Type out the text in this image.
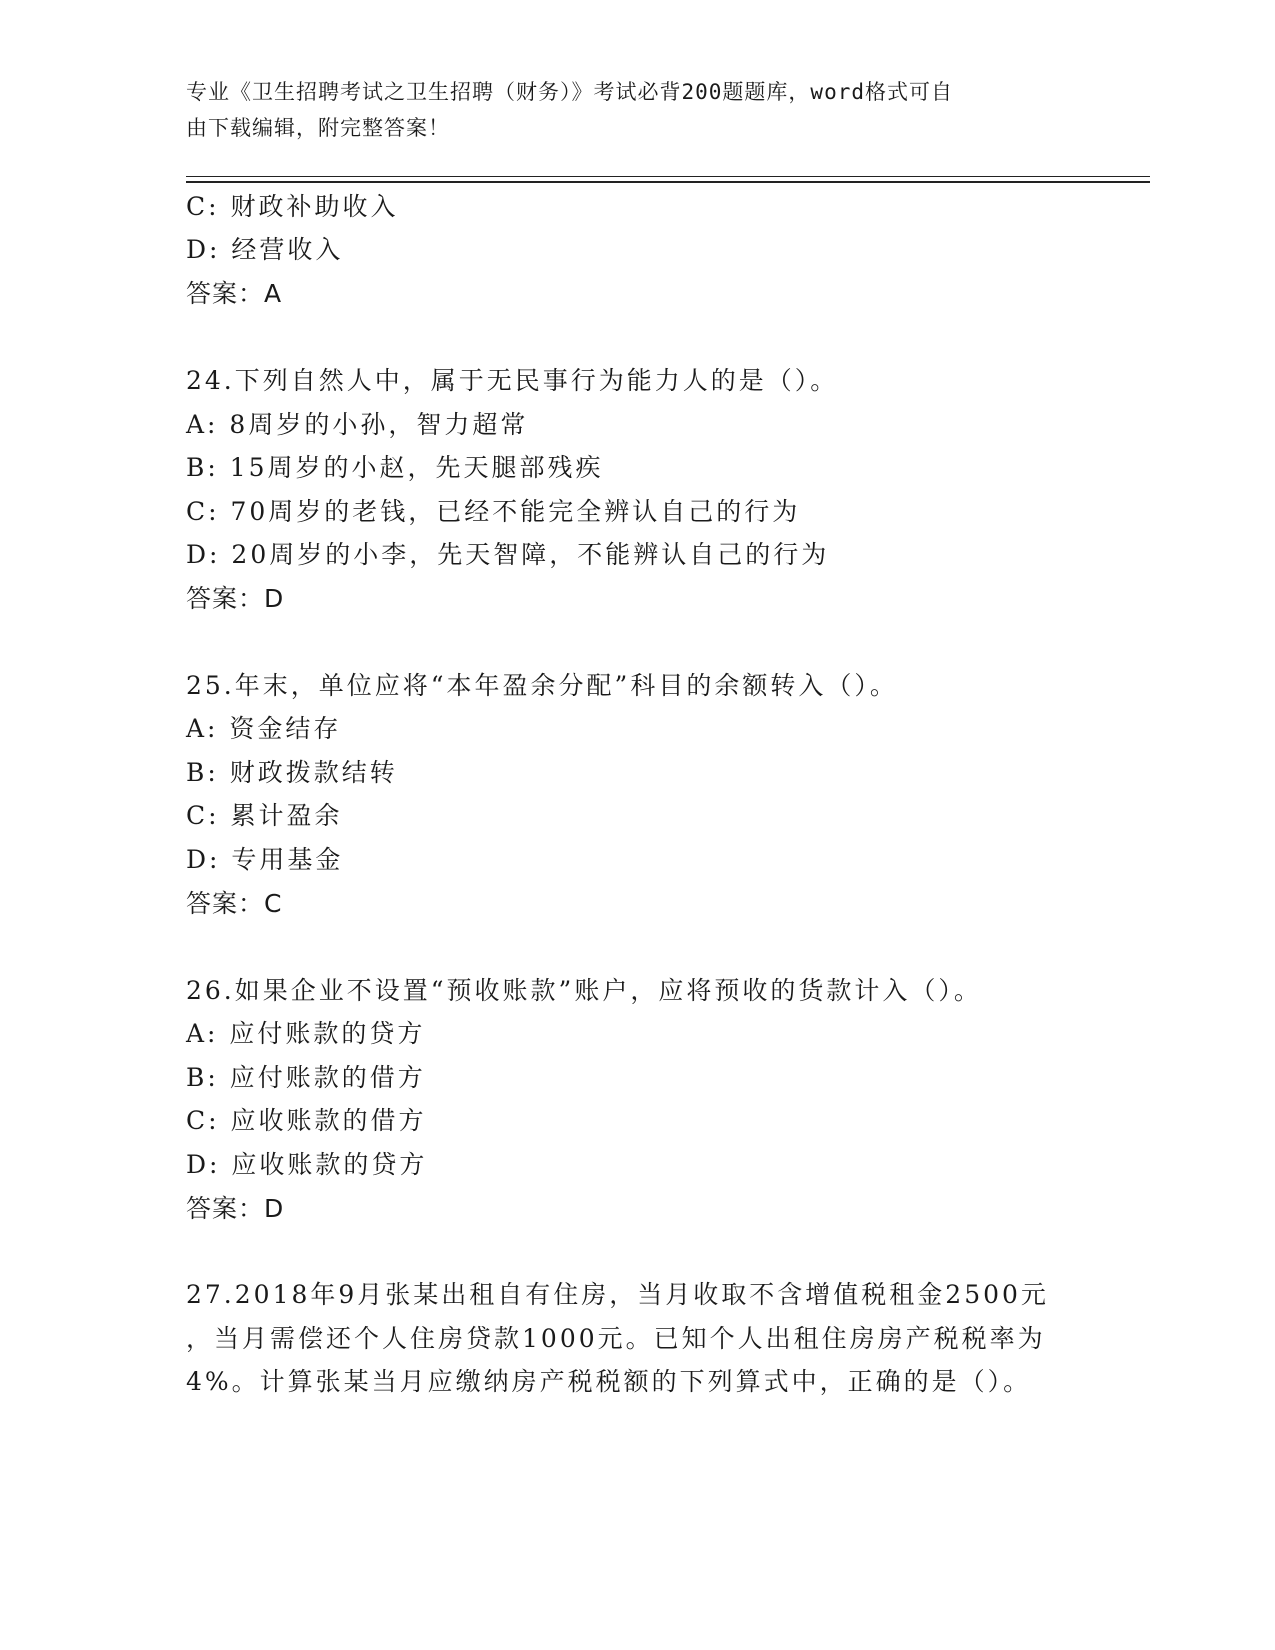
专业《卫生招聘考试之卫生招聘（财务）》考试必背200题题库，word格式可自
由下载编辑，附完整答案！
C: 财政补助收入
D: 经营收入
答案：A
24.下列自然人中，属于无民事行为能力人的是（）。
A: 8周岁的小孙，智力超常
B: 15周岁的小赵，先天腿部残疾
C: 70周岁的老钱，已经不能完全辨认自己的行为
D: 20周岁的小李，先天智障，不能辨认自己的行为
答案：D
25.年末，单位应将“本年盈余分配”科目的余额转入（）。
A: 资金结存
B: 财政拨款结转
C: 累计盈余
D: 专用基金
答案：C
26.如果企业不设置“预收账款”账户，应将预收的货款计入（）。
A: 应付账款的贷方
B: 应付账款的借方
C: 应收账款的借方
D: 应收账款的贷方
答案：D
27.2018年9月张某出租自有住房，当月收取不含增值税租金2500元
，当月需偿还个人住房贷款1000元。已知个人出租住房房产税税率为
4%。计算张某当月应缴纳房产税税额的下列算式中，正确的是（）。
